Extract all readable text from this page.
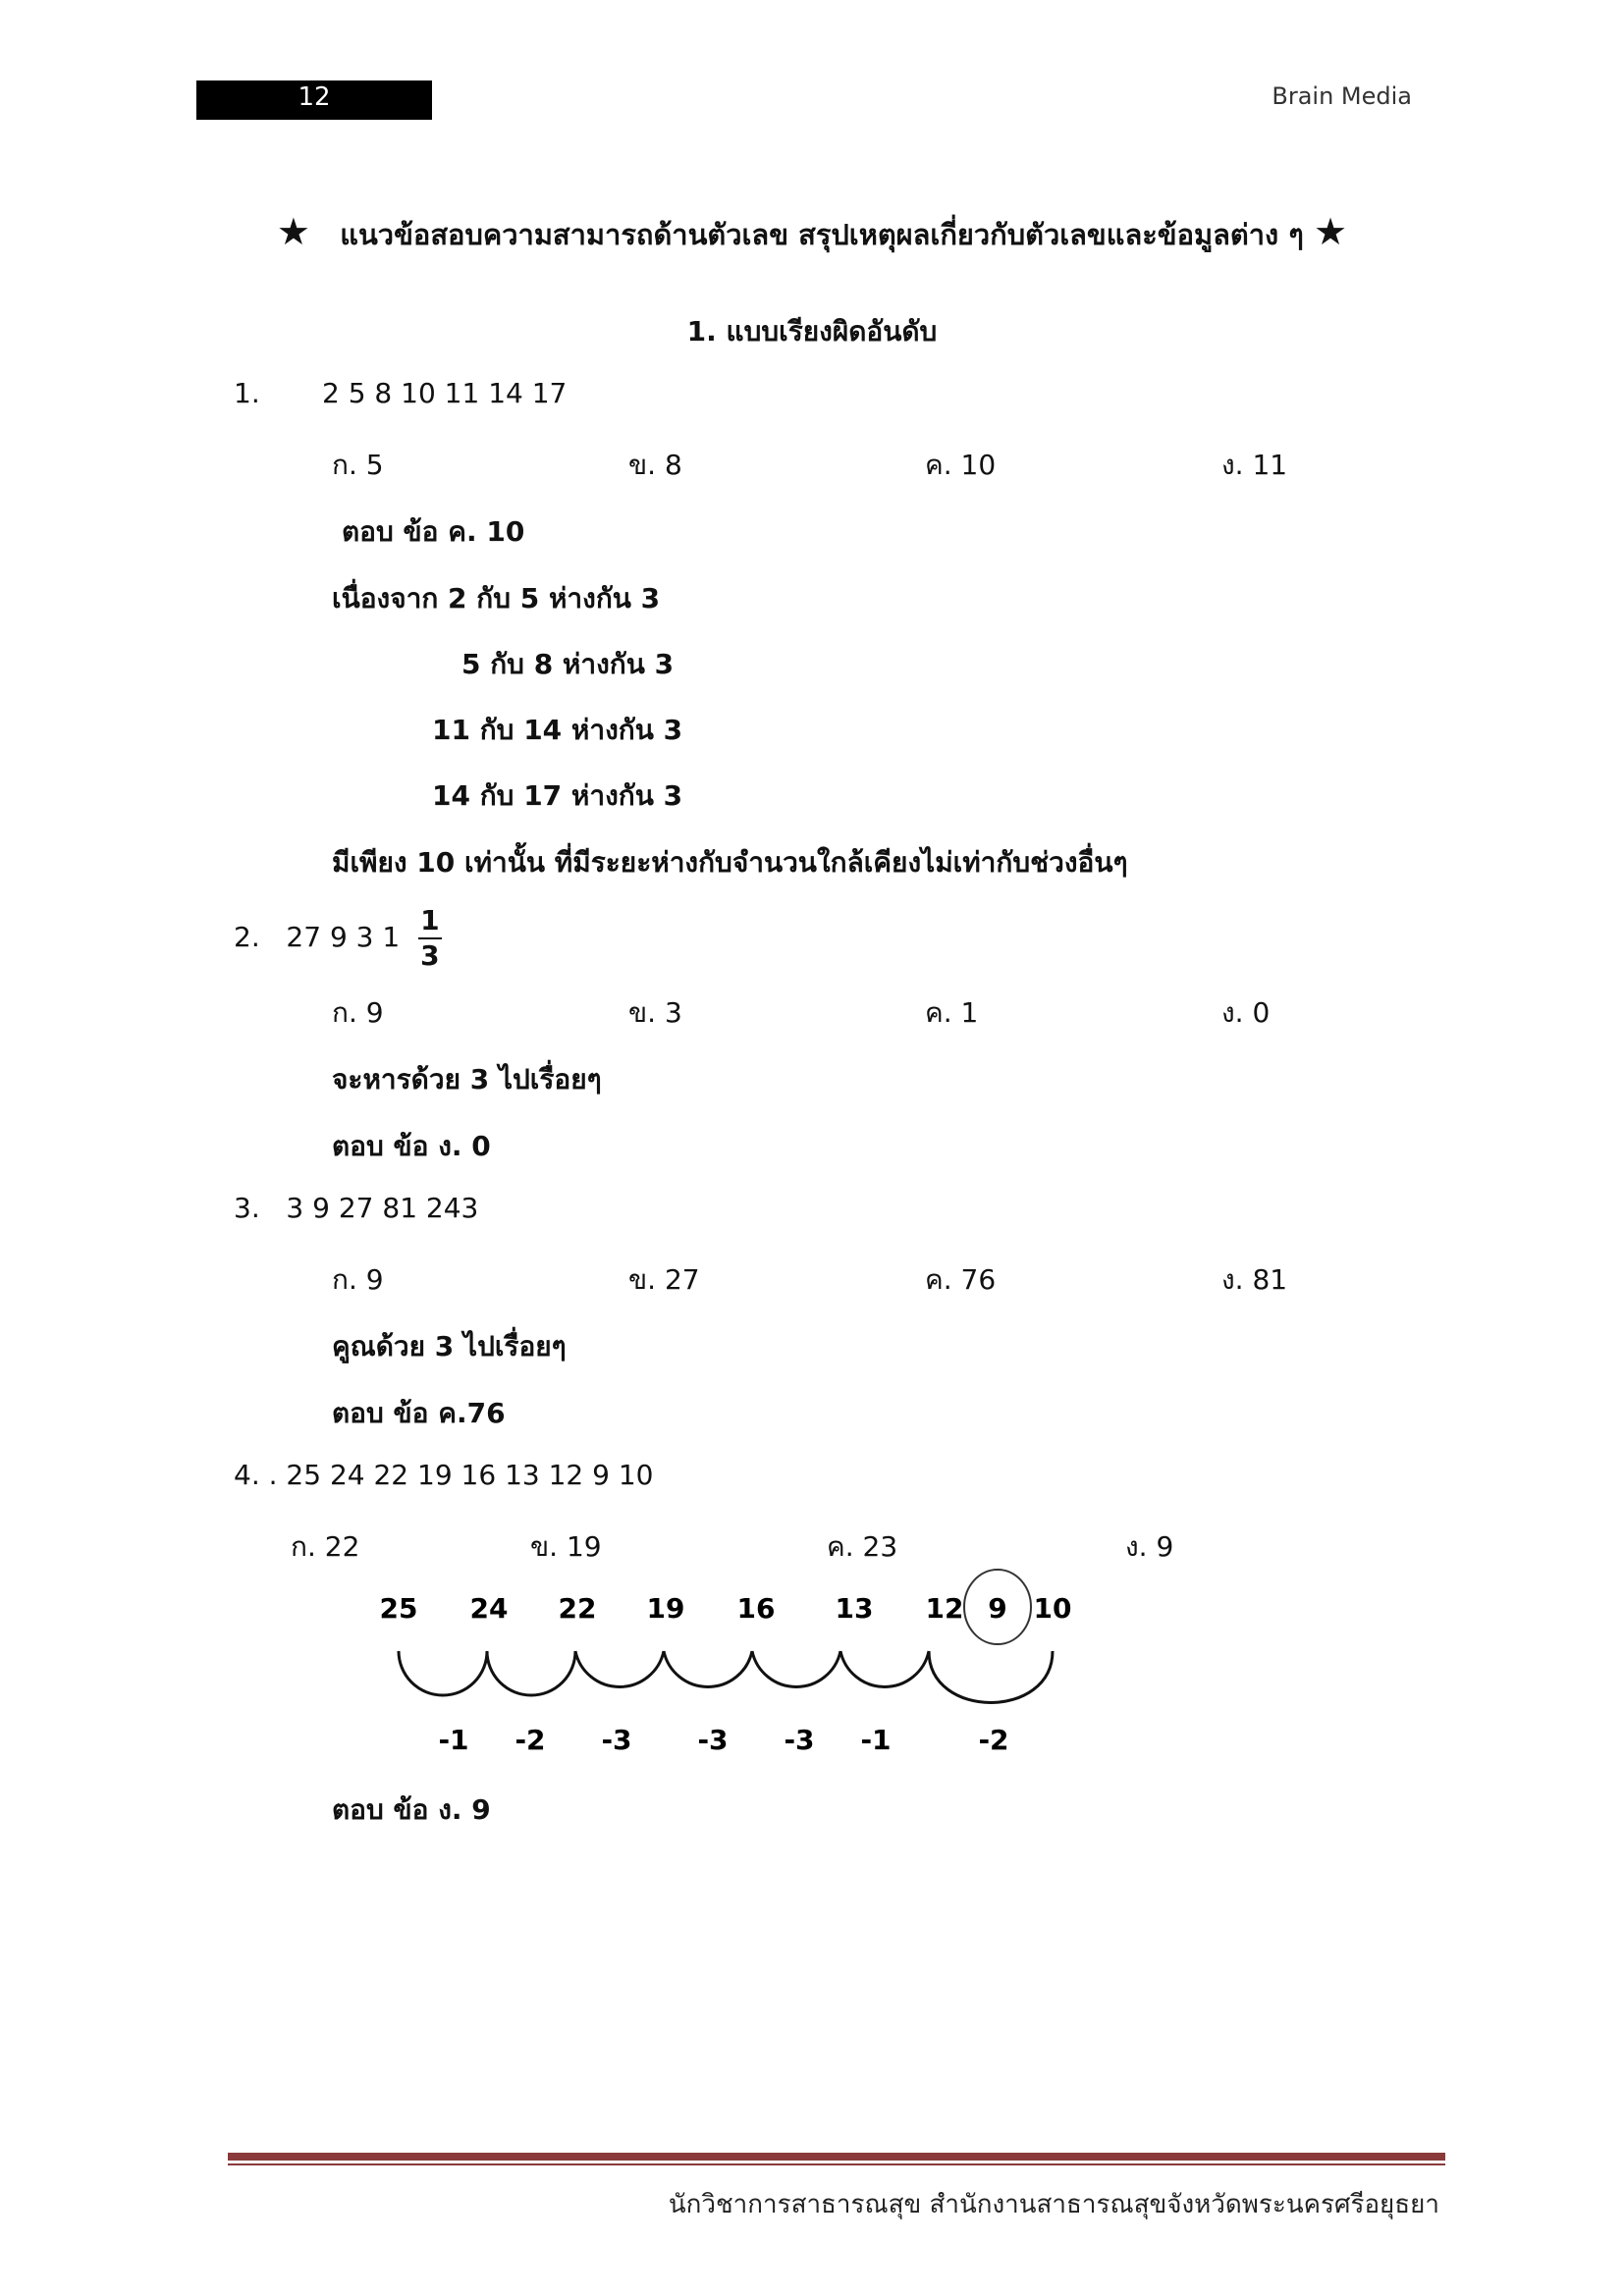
12	Brain Media
★ แนวข้อสอบความสามารถด้านตัวเลข สรุปเหตุผลเกี่ยวกับตัวเลขและข้อมูลต่าง ๆ ★
1. แบบเรียงผิดอันดับ
1. 2 5 8 10 11 14 17
ก. 5	ข. 8	ค. 10	ง. 11
ตอบ ข้อ ค. 10
เนื่องจาก 2 กับ 5 ห่างกัน 3
5 กับ 8 ห่างกัน 3
11 กับ 14 ห่างกัน 3
14 กับ 17 ห่างกัน 3
มีเพียง 10 เท่านั้น ที่มีระยะห่างกับจำนวนใกล้เคียงไม่เท่ากับช่วงอื่นๆ
2. 27 9 3 $1 \frac{1}{3}$
ก. 9	ข. 3	ค. 1	ง. 0
จะหารด้วย 3 ไปเรื่อยๆ
ตอบ ข้อ ง. 0
3. 3 9 27 81 243
ก. 9	ข. 27	ค. 76	ง. 81
คูณด้วย 3 ไปเรื่อยๆ
ตอบ ข้อ ค.76
4. . 25 24 22 19 16 13 12 9 10
ก. 22	ข. 19	ค. 23	ง. 9
25 24 22 19 16 13 12 9 10
-1 -2 -3 -3 -3 -1	-2
ตอบ ข้อ ง. 9
นักวิชาการสาธารณสุข สำนักงานสาธารณสุขจังหวัดพระนครศรีอยุธยา
